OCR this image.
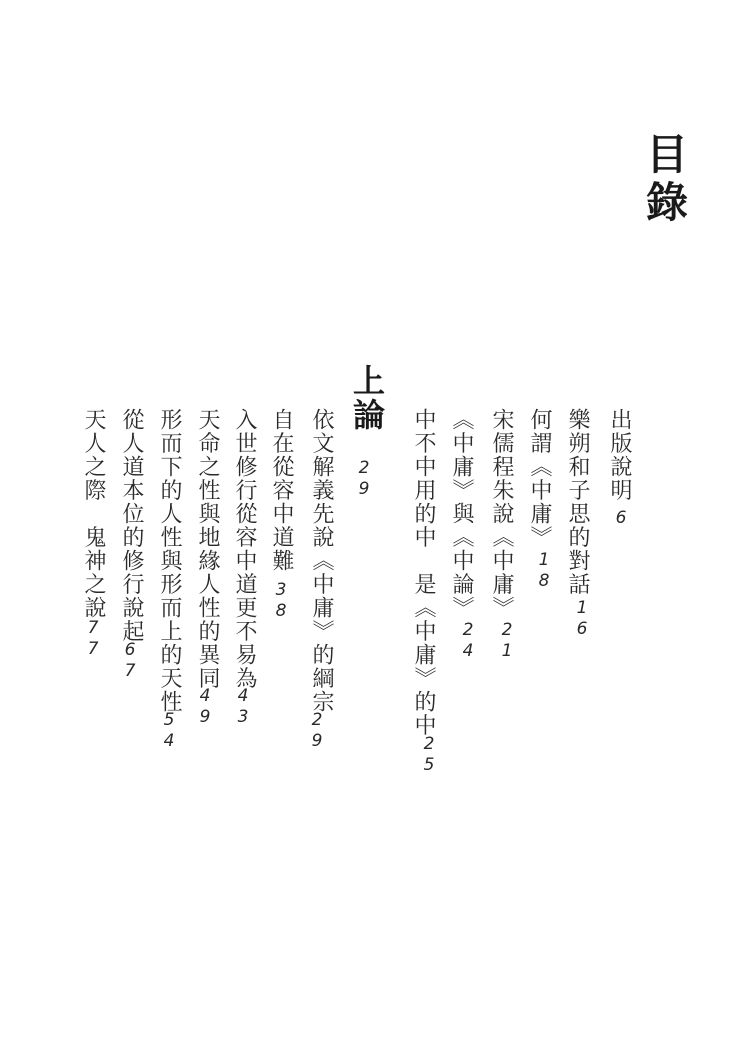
目錄
出版說明
6
樂朔和子思的對話
16
何謂《中庸》
18
宋儒程朱說《中庸》
21
《中庸》與《中論》
24
中不中用的中　是《中庸》的中
25
上論
29
依文解義先說《中庸》的綱宗
29
自在從容中道難
38
入世修行從容中道更不易為
43
天命之性與地緣人性的異同
49
形而下的人性與形而上的天性
54
從人道本位的修行說起
67
天人之際　鬼神之說
77
